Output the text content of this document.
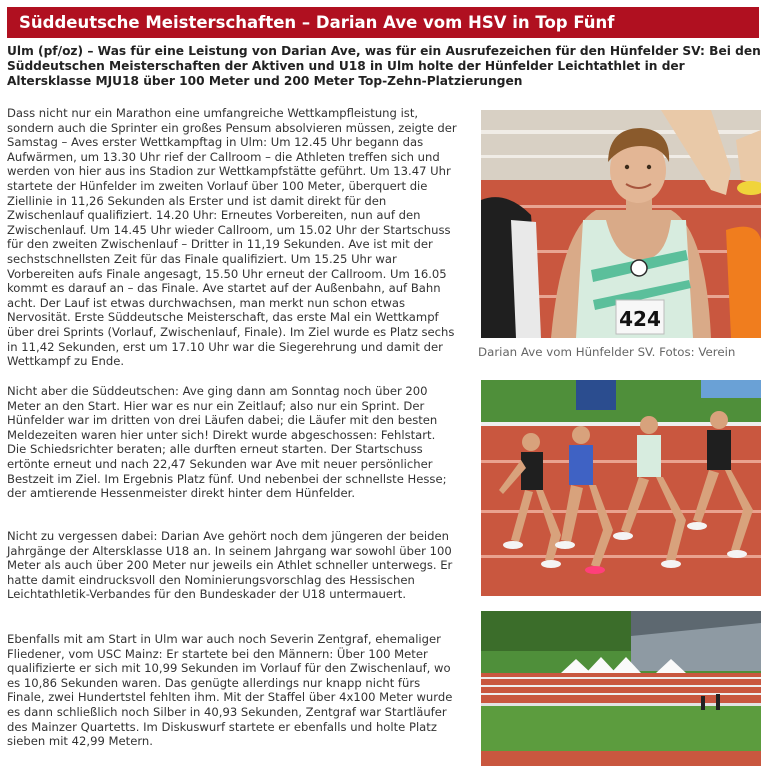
Süddeutsche Meisterschaften – Darian Ave vom HSV in Top Fünf
Ulm (pf/oz) – Was für eine Leistung von Darian Ave, was für ein Ausrufezeichen für den Hünfelder SV: Bei den Süddeutschen Meisterschaften der Aktiven und U18 in Ulm holte der Hünfelder Leichtathlet in der Altersklasse MJU18 über 100 Meter und 200 Meter Top-Zehn-Platzierungen
Dass nicht nur ein Marathon eine umfangreiche Wettkampfleistung ist, sondern auch die Sprinter ein großes Pensum absolvieren müssen, zeigte der Samstag – Aves erster Wettkampftag in Ulm: Um 12.45 Uhr begann das Aufwärmen, um 13.30 Uhr rief der Callroom – die Athleten treffen sich und werden von hier aus ins Stadion zur Wettkampfstätte geführt. Um 13.47 Uhr startete der Hünfelder im zweiten Vorlauf über 100 Meter, überquert die Ziellinie in 11,26 Sekunden als Erster und ist damit direkt für den Zwischenlauf qualifiziert. 14.20 Uhr: Erneutes Vorbereiten, nun auf den Zwischenlauf. Um 14.45 Uhr wieder Callroom, um 15.02 Uhr der Startschuss für den zweiten Zwischenlauf – Dritter in 11,19 Sekunden. Ave ist mit der sechstschnellsten Zeit für das Finale qualifiziert. Um 15.25 Uhr war Vorbereiten aufs Finale angesagt, 15.50 Uhr erneut der Callroom. Um 16.05 kommt es darauf an – das Finale. Ave startet auf der Außenbahn, auf Bahn acht. Der Lauf ist etwas durchwachsen, man merkt nun schon etwas Nervosität. Erste Süddeutsche Meisterschaft, das erste Mal ein Wettkampf über drei Sprints (Vorlauf, Zwischenlauf, Finale). Im Ziel wurde es Platz sechs in 11,42 Sekunden, erst um 17.10 Uhr war die Siegerehrung und damit der Wettkampf zu Ende.
Nicht aber die Süddeutschen: Ave ging dann am Sonntag noch über 200 Meter an den Start. Hier war es nur ein Zeitlauf; also nur ein Sprint. Der Hünfelder war im dritten von drei Läufen dabei; die Läufer mit den besten Meldezeiten waren hier unter sich! Direkt wurde abgeschossen: Fehlstart. Die Schiedsrichter beraten; alle durften erneut starten. Der Startschuss ertönte erneut und nach 22,47 Sekunden war Ave mit neuer persönlicher Bestzeit im Ziel. Im Ergebnis Platz fünf. Und nebenbei der schnellste Hesse; der amtierende Hessenmeister direkt hinter dem Hünfelder.
Nicht zu vergessen dabei: Darian Ave gehört noch dem jüngeren der beiden Jahrgänge der Altersklasse U18 an. In seinem Jahrgang war sowohl über 100 Meter als auch über 200 Meter nur jeweils ein Athlet schneller unterwegs. Er hatte damit eindrucksvoll den Nominierungsvorschlag des Hessischen Leichtathletik-Verbandes für den Bundeskader der U18 untermauert.
Ebenfalls mit am Start in Ulm war auch noch Severin Zentgraf, ehemaliger Fliedener, vom USC Mainz: Er startete bei den Männern: Über 100 Meter qualifizierte er sich mit 10,99 Sekunden im Vorlauf für den Zwischenlauf, wo es 10,86 Sekunden waren. Das genügte allerdings nur knapp nicht fürs Finale, zwei Hundertstel fehlten ihm. Mit der Staffel über 4x100 Meter wurde es dann schließlich noch Silber in 40,93 Sekunden, Zentgraf war Startläufer des Mainzer Quartetts. Im Diskuswurf startete er ebenfalls und holte Platz sieben mit 42,99 Metern.
424
Darian Ave vom Hünfelder SV. Fotos: Verein
